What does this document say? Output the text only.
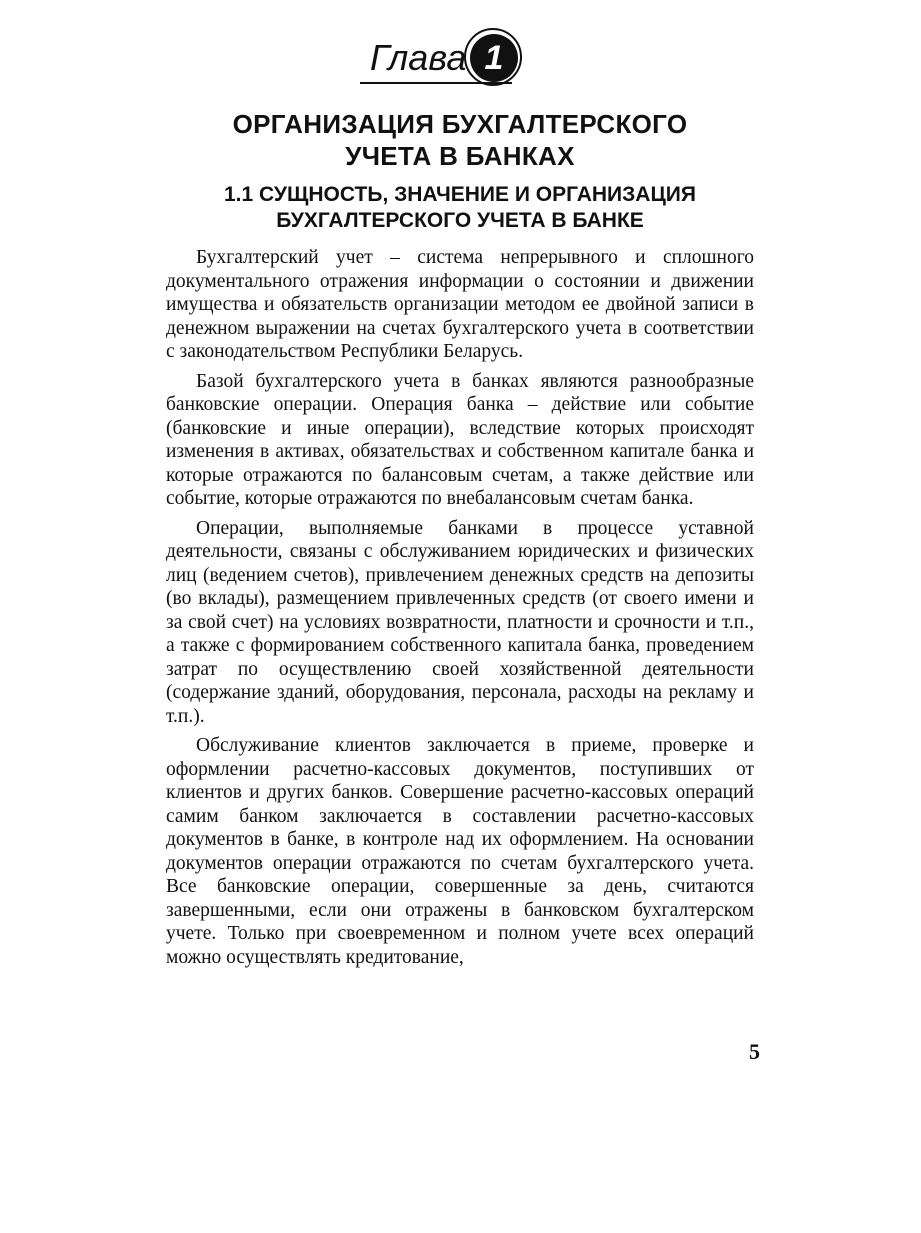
Глава 1
ОРГАНИЗАЦИЯ БУХГАЛТЕРСКОГО
УЧЕТА В БАНКАХ
1.1 СУЩНОСТЬ, ЗНАЧЕНИЕ И ОРГАНИЗАЦИЯ
БУХГАЛТЕРСКОГО УЧЕТА В БАНКЕ

Бухгалтерский учет – система непрерывного и сплошного документального отражения информации о состоянии и движении имущества и обязательств организации методом ее двойной записи в денежном выражении на счетах бухгалтерского учета в соответствии с законодательством Республики Беларусь.

Базой бухгалтерского учета в банках являются разнообразные банковские операции. Операция банка – действие или событие (банковские и иные операции), вследствие которых происходят изменения в активах, обязательствах и собственном капитале банка и которые отражаются по балансовым счетам, а также действие или событие, которые отражаются по внебалансовым счетам банка.

Операции, выполняемые банками в процессе уставной деятельности, связаны с обслуживанием юридических и физических лиц (ведением счетов), привлечением денежных средств на депозиты (во вклады), размещением привлеченных средств (от своего имени и за свой счет) на условиях возвратности, платности и срочности и т.п., а также с формированием собственного капитала банка, проведением затрат по осуществлению своей хозяйственной деятельности (содержание зданий, оборудования, персонала, расходы на рекламу и т.п.).

Обслуживание клиентов заключается в приеме, проверке и оформлении расчетно-кассовых документов, поступивших от клиентов и других банков. Совершение расчетно-кассовых операций самим банком заключается в составлении расчетно-кассовых документов в банке, в контроле над их оформлением. На основании документов операции отражаются по счетам бухгалтерского учета. Все банковские операции, совершенные за день, считаются завершенными, если они отражены в банковском бухгалтерском учете. Только при своевременном и полном учете всех операций можно осуществлять кредитование,

5
